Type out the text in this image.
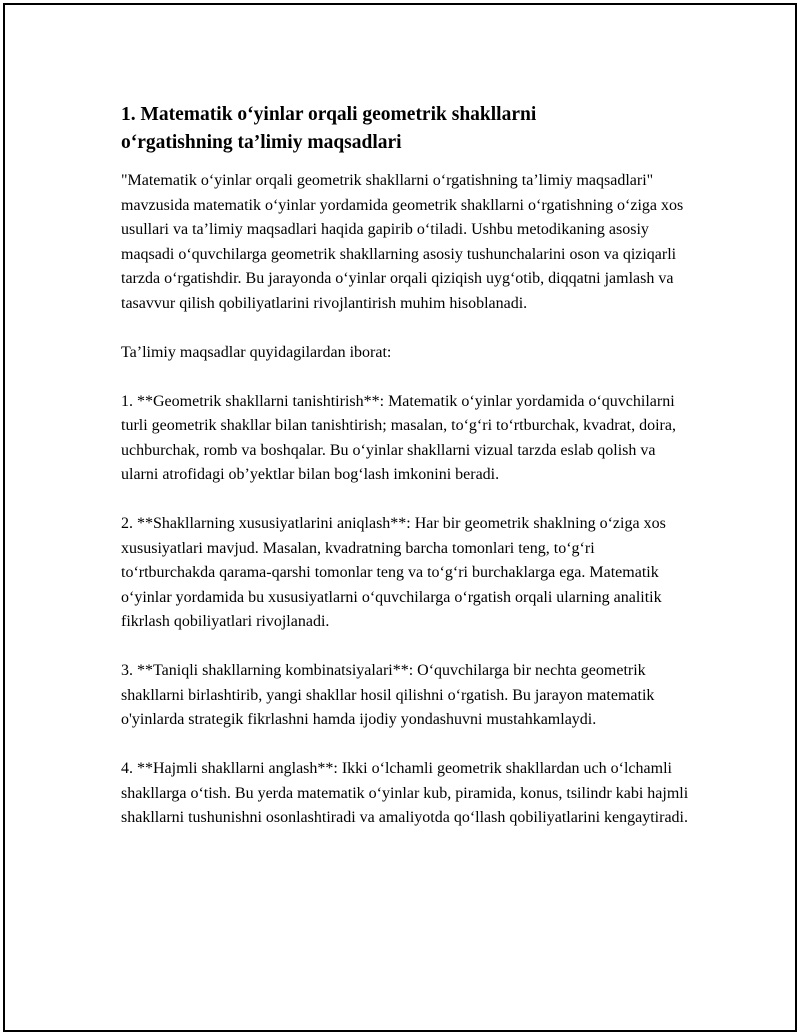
1. Matematik o‘yinlar orqali geometrik shakllarni o‘rgatishning ta’limiy maqsadlari

"Matematik o‘yinlar orqali geometrik shakllarni o‘rgatishning ta’limiy maqsadlari" mavzusida matematik o‘yinlar yordamida geometrik shakllarni o‘rgatishning o‘ziga xos usullari va ta’limiy maqsadlari haqida gapirib o‘tiladi. Ushbu metodikaning asosiy maqsadi o‘quvchilarga geometrik shakllarning asosiy tushunchalarini oson va qiziqarli tarzda o‘rgatishdir. Bu jarayonda o‘yinlar orqali qiziqish uyg‘otib, diqqatni jamlash va tasavvur qilish qobiliyatlarini rivojlantirish muhim hisoblanadi.

Ta’limiy maqsadlar quyidagilardan iborat:

1. **Geometrik shakllarni tanishtirish**: Matematik o‘yinlar yordamida o‘quvchilarni turli geometrik shakllar bilan tanishtirish; masalan, to‘g‘ri to‘rtburchak, kvadrat, doira, uchburchak, romb va boshqalar. Bu o‘yinlar shakllarni vizual tarzda eslab qolish va ularni atrofidagi ob’yektlar bilan bog‘lash imkonini beradi.

2. **Shakllarning xususiyatlarini aniqlash**: Har bir geometrik shaklning o‘ziga xos xususiyatlari mavjud. Masalan, kvadratning barcha tomonlari teng, to‘g‘ri to‘rtburchakda qarama-qarshi tomonlar teng va to‘g‘ri burchaklarga ega. Matematik o‘yinlar yordamida bu xususiyatlarni o‘quvchilarga o‘rgatish orqali ularning analitik fikrlash qobiliyatlari rivojlanadi.

3. **Taniqli shakllarning kombinatsiyalari**: O‘quvchilarga bir nechta geometrik shakllarni birlashtirib, yangi shakllar hosil qilishni o‘rgatish. Bu jarayon matematik o'yinlarda strategik fikrlashni hamda ijodiy yondashuvni mustahkamlaydi.

4. **Hajmli shakllarni anglash**: Ikki o‘lchamli geometrik shakllardan uch o‘lchamli shakllarga o‘tish. Bu yerda matematik o‘yinlar kub, piramida, konus, tsilindr kabi hajmli shakllarni tushunishni osonlashtiradi va amaliyotda qo‘llash qobiliyatlarini kengaytiradi.
